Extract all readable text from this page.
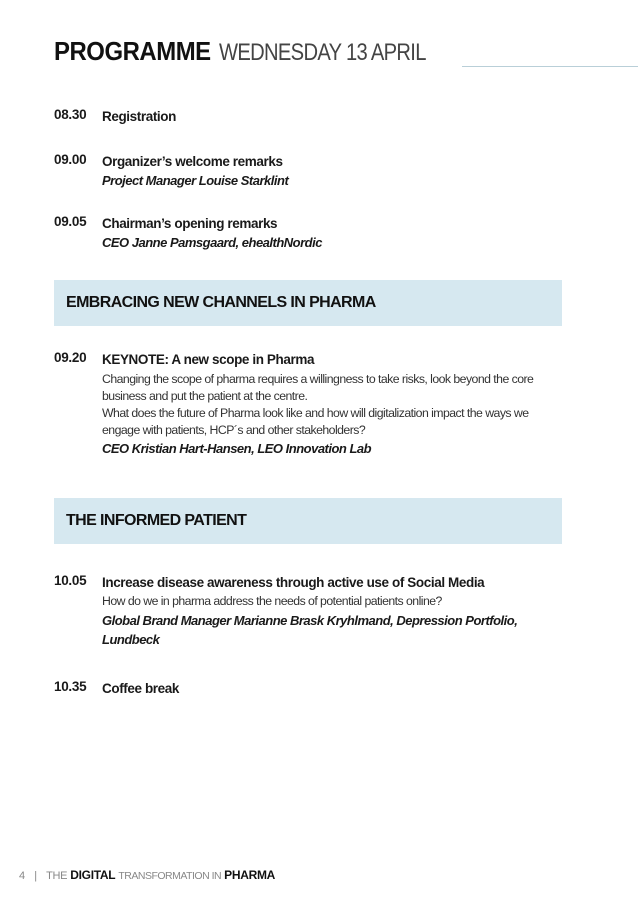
PROGRAMME WEDNESDAY 13 APRIL
08.30	Registration
09.00	Organizer’s welcome remarks
Project Manager Louise Starklint
09.05	Chairman’s opening remarks
CEO Janne Pamsgaard, ehealthNordic
EMBRACING NEW CHANNELS IN PHARMA
09.20	KEYNOTE: A new scope in Pharma
Changing the scope of pharma requires a willingness to take risks, look beyond the core
business and put the patient at the centre.
What does the future of Pharma look like and how will digitalization impact the ways we
engage with patients, HCP´s and other stakeholders?
CEO Kristian Hart-Hansen, LEO Innovation Lab
THE INFORMED PATIENT
10.05	Increase disease awareness through active use of Social Media
How do we in pharma address the needs of potential patients online?
Global Brand Manager Marianne Brask Kryhlmand, Depression Portfolio,
Lundbeck
10.35	Coffee break
4 | THE DIGITAL TRANSFORMATION IN PHARMA
